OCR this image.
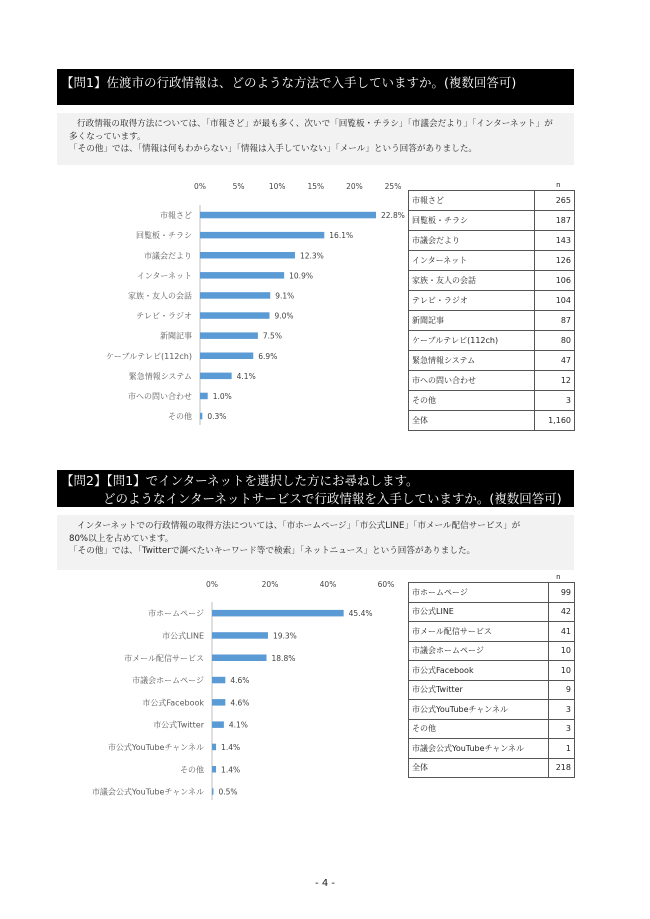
【問1】佐渡市の行政情報は、どのような方法で入手していますか。(複数回答可)

行政情報の取得方法については、「市報さど」が最も多く、次いで「回覧板・チラシ」「市議会だより」「インターネット」が

多くなっています。

「その他」では、「情報は何もわからない」「情報は入手していない」「メール」という回答がありました。

0%	5%	10%	15%	20%	25%
市報さど	22.8%
回覧板・チラシ	16.1%
市議会だより	12.3%
インターネット	10.9%
家族・友人の会話	9.1%
テレビ・ラジオ	9.0%
新聞記事	7.5%
ケーブルテレビ(112ch)	6.9%
緊急情報システム	4.1%
市への問い合わせ	1.0%
その他 0.3%
n	
市報さど	265
回覧板・チラシ	187
市議会だより	143
インターネット	126
家族・友人の会話	106
テレビ・ラジオ	104
新聞記事	87
ケーブルテレビ(112ch)	80
緊急情報システム	47
市への問い合わせ	12
その他	3
全体	1,160
【問2】【問1】でインターネットを選択した方にお尋ねします。
どのようなインターネットサービスで行政情報を入手していますか。(複数回答可)

インターネットでの行政情報の取得方法については、「市ホームページ」「市公式LINE」「市メール配信サービス」が

80%以上を占めています。

「その他」では、「Twitterで調べたいキーワード等で検索」「ネットニュース」という回答がありました。

0%	20%	40%	60%
市ホームページ	45.4%
市公式LINE	19.3%
市メール配信サービス	18.8%
市議会ホームページ	4.6%
市公式Facebook	4.6%
市公式Twitter	4.1%
市公式YouTubeチャンネル 1.4%
その他 1.4%
市議会公式YouTubeチャンネル 0.5%
n	
市ホームページ	99
市公式LINE	42
市メール配信サービス	41
市議会ホームページ	10
市公式Facebook	10
市公式Twitter	9
市公式YouTubeチャンネル	3
その他	3
市議会公式YouTubeチャンネル	1
全体	218
- 4 -
